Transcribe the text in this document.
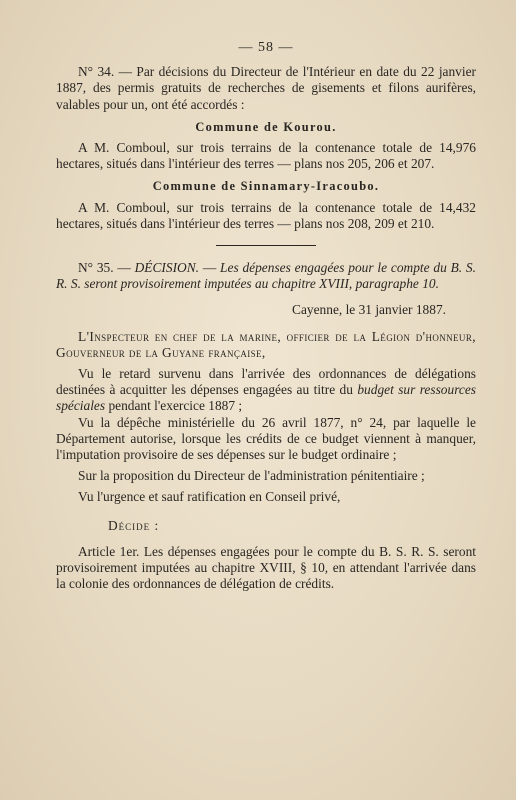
— 58 —

N° 34. — Par décisions du Directeur de l'Intérieur en date du 22 janvier 1887, des permis gratuits de recherches de gisements et filons aurifères, valables pour un, ont été accordés :

Commune de Kourou.

A M. Comboul, sur trois terrains de la contenance totale de 14,976 hectares, situés dans l'intérieur des terres — plans nos 205, 206 et 207.

Commune de Sinnamary-Iracoubo.

A M. Comboul, sur trois terrains de la contenance totale de 14,432 hectares, situés dans l'intérieur des terres — plans nos 208, 209 et 210.

N° 35. — DÉCISION. — Les dépenses engagées pour le compte du B. S. R. S. seront provisoirement imputées au chapitre XVIII, paragraphe 10.

Cayenne, le 31 janvier 1887.

L'Inspecteur en chef de la marine, officier de la Légion d'honneur, Gouverneur de la Guyane française,

Vu le retard survenu dans l'arrivée des ordonnances de délégations destinées à acquitter les dépenses engagées au titre du budget sur ressources spéciales pendant l'exercice 1887 ;

Vu la dépêche ministérielle du 26 avril 1877, n° 24, par laquelle le Département autorise, lorsque les crédits de ce budget viennent à manquer, l'imputation provisoire de ses dépenses sur le budget ordinaire ;

Sur la proposition du Directeur de l'administration pénitentiaire ;

Vu l'urgence et sauf ratification en Conseil privé,

Décide :

Article 1er. Les dépenses engagées pour le compte du B. S. R. S. seront provisoirement imputées au chapitre XVIII, § 10, en attendant l'arrivée dans la colonie des ordonnances de délégation de crédits.
